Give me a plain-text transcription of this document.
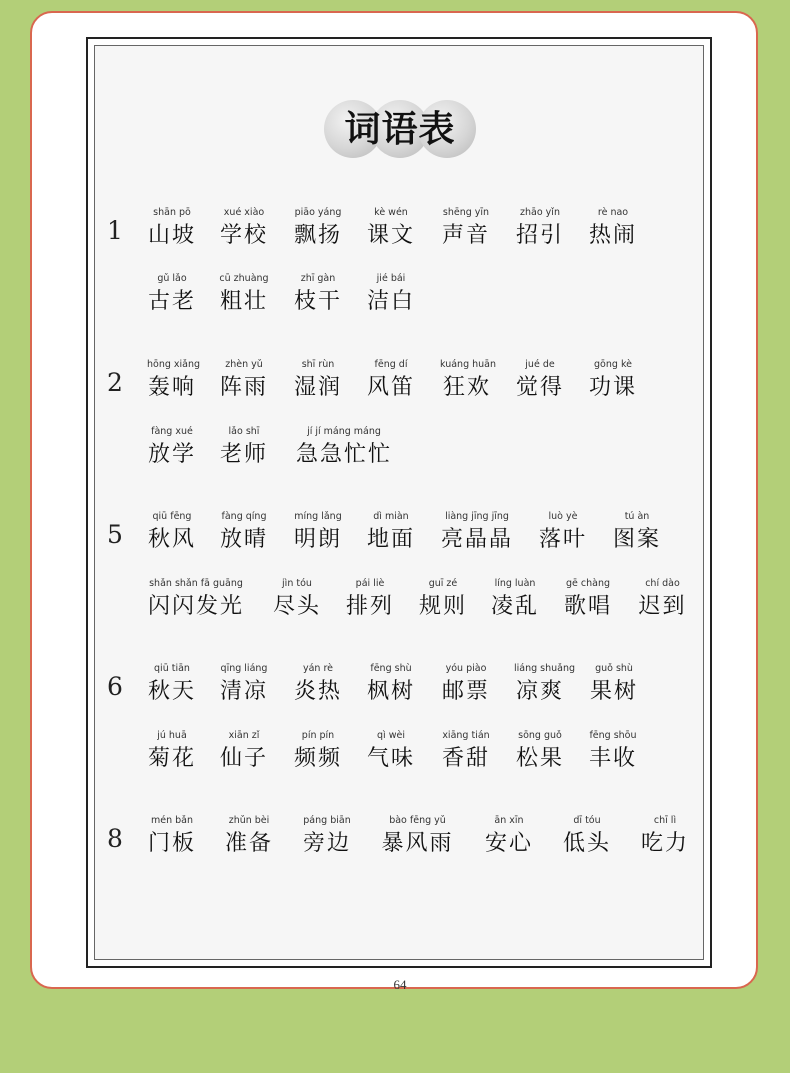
词语表
1
shān pō
山坡
xué xiào
学校
piāo yáng
飘扬
kè wén
课文
shēng yīn
声音
zhāo yǐn
招引
rè nao
热闹
gǔ lǎo
古老
cū zhuàng
粗壮
zhī gàn
枝干
jié bái
洁白
2
hōng xiǎng
轰响
zhèn yǔ
阵雨
shī rùn
湿润
fēng dí
风笛
kuáng huān
狂欢
jué de
觉得
gōng kè
功课
fàng xué
放学
lǎo shī
老师
jí jí máng máng
急急忙忙
5
qiū fēng
秋风
fàng qíng
放晴
míng lǎng
明朗
dì miàn
地面
liàng jīng jīng
亮晶晶
luò yè
落叶
tú àn
图案
shǎn shǎn fā guāng
闪闪发光
jìn tóu
尽头
pái liè
排列
guī zé
规则
líng luàn
凌乱
gē chàng
歌唱
chí dào
迟到
6
qiū tiān
秋天
qīng liáng
清凉
yán rè
炎热
fēng shù
枫树
yóu piào
邮票
liáng shuǎng
凉爽
guǒ shù
果树
jú huā
菊花
xiān zǐ
仙子
pín pín
频频
qì wèi
气味
xiāng tián
香甜
sōng guǒ
松果
fēng shōu
丰收
8
mén bǎn
门板
zhǔn bèi
准备
páng biān
旁边
bào fēng yǔ
暴风雨
ān xīn
安心
dī tóu
低头
chī lì
吃力
64
